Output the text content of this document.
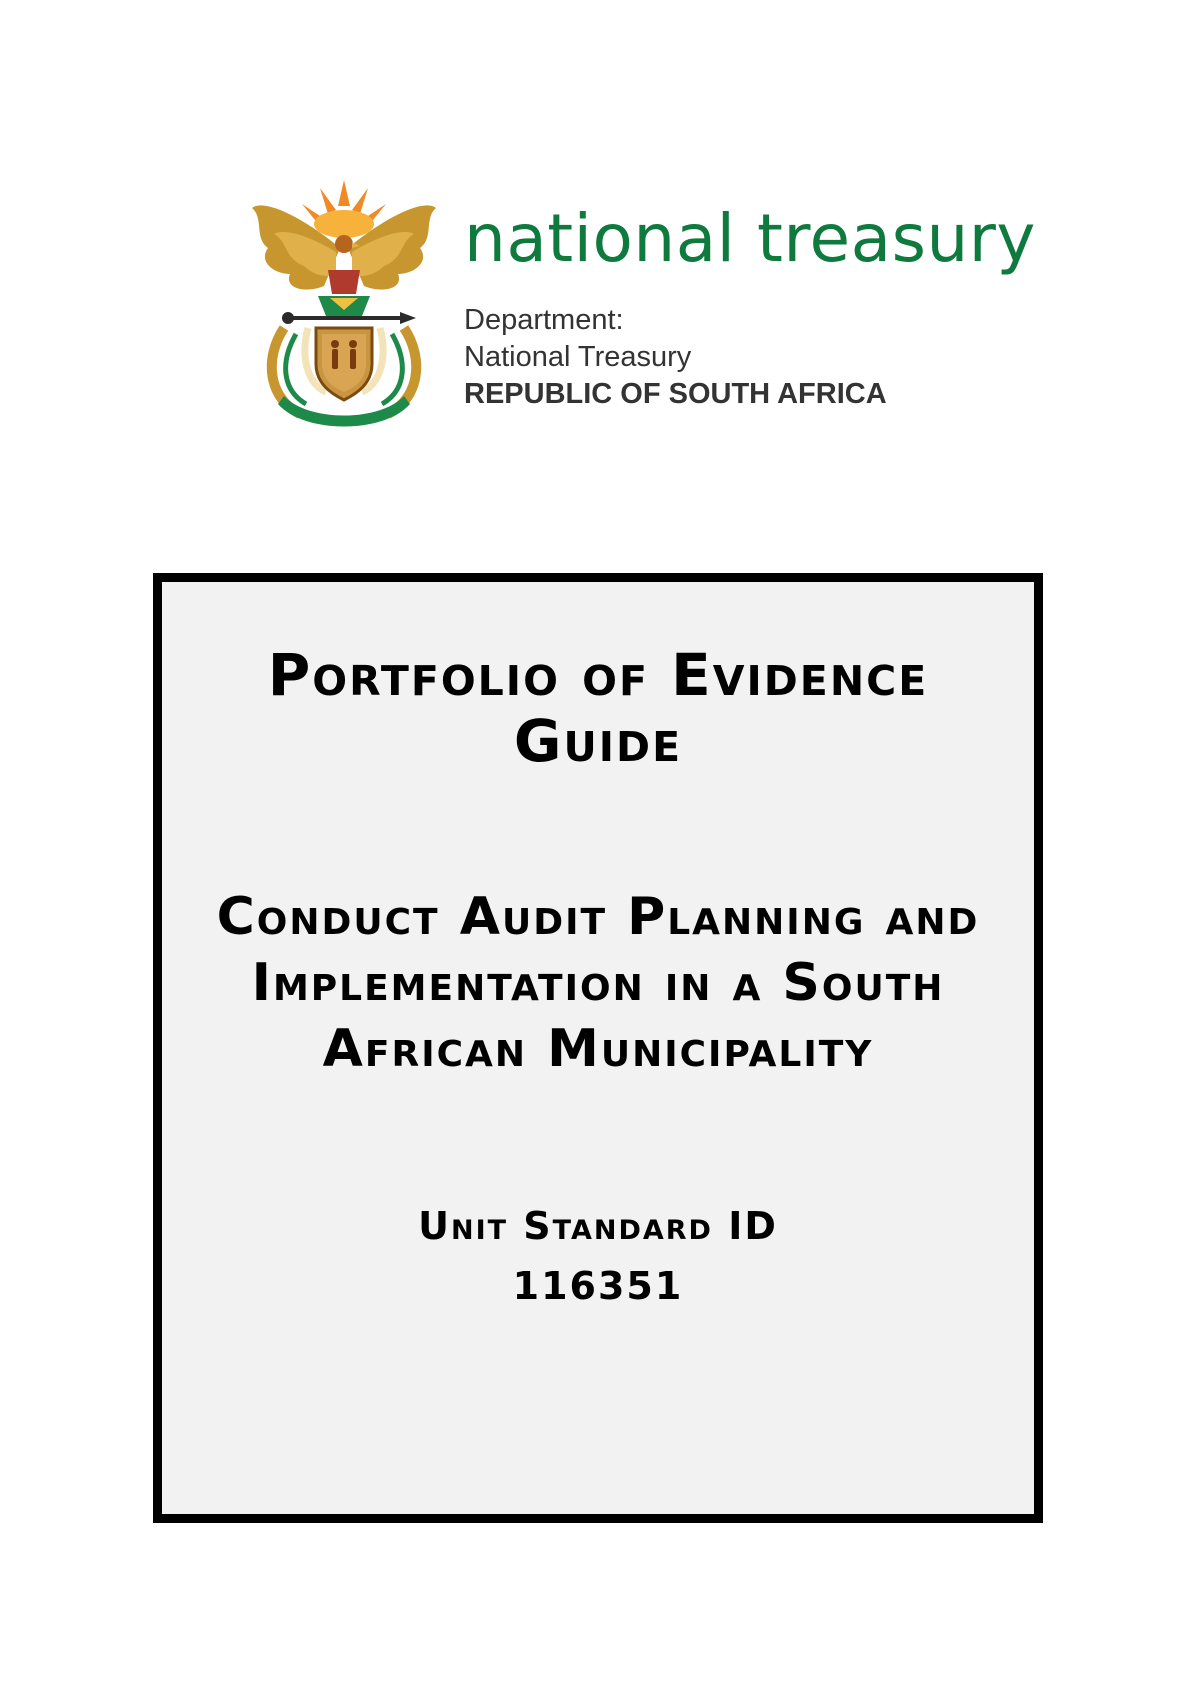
national treasury

Department:
National Treasury
REPUBLIC OF SOUTH AFRICA
Portfolio of Evidence
Guide
Conduct Audit Planning and
Implementation in a South
African Municipality
Unit Standard ID
116351
